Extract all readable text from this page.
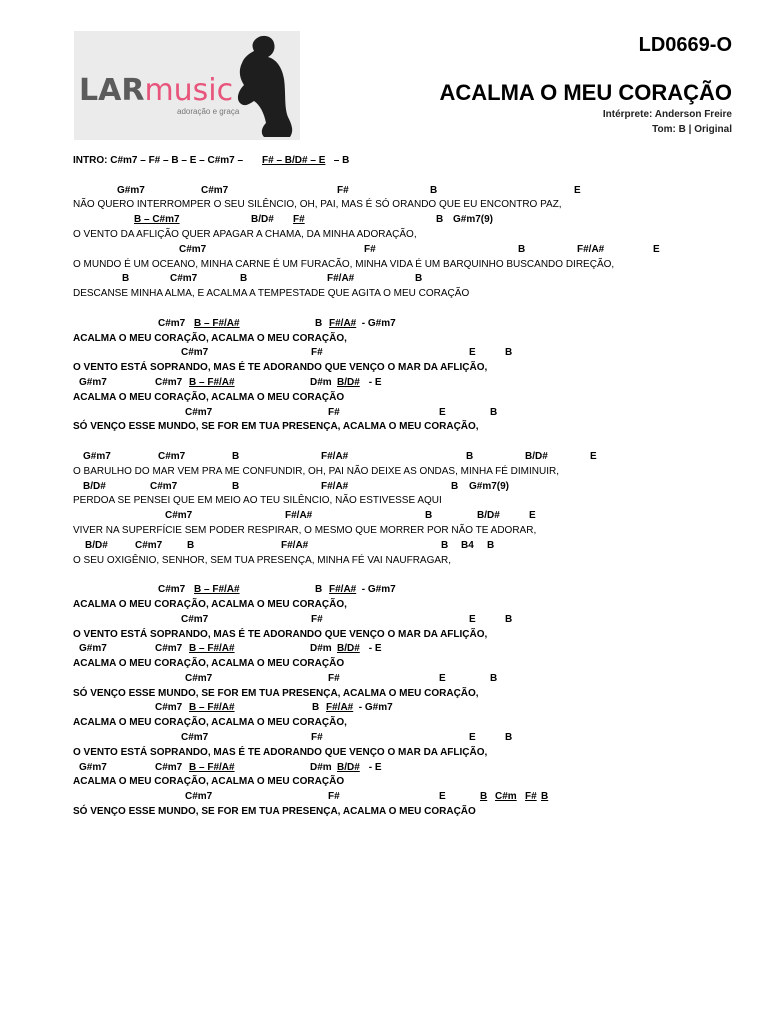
LARmusic
adoração e graça
LD0669-O
ACALMA O MEU CORAÇÃO
Intérprete: Anderson Freire
Tom: B | Original
INTRO: C#m7 – F# – B – E – C#m7 – F# – B/D# – E – B
G#m7	C#m7	F#	B	E
NÃO QUERO INTERROMPER O SEU SILÊNCIO, OH, PAI, MAS É SÓ ORANDO QUE EU ENCONTRO PAZ,
B – C#m7	B/D# F#	B G#m7(9)
O VENTO DA AFLIÇÃO QUER APAGAR A CHAMA, DA MINHA ADORAÇÃO,
C#m7	F#	B	F#/A#	E
O MUNDO É UM OCEANO, MINHA CARNE É UM FURACÃO, MINHA VIDA É UM BARQUINHO BUSCANDO DIREÇÃO,
B	C#m7	B	F#/A#	B
DESCANSE MINHA ALMA, E ACALMA A TEMPESTADE QUE AGITA O MEU CORAÇÃO
C#m7 B – F#/A#	B F#/A# - G#m7
ACALMA O MEU CORAÇÃO, ACALMA O MEU CORAÇÃO,
C#m7	F#	E	B
O VENTO ESTÁ SOPRANDO, MAS É TE ADORANDO QUE VENÇO O MAR DA AFLIÇÃO,
G#m7	C#m7 B – F#/A#	D#m B/D# - E
ACALMA O MEU CORAÇÃO, ACALMA O MEU CORAÇÃO
C#m7	F#	E	B
SÓ VENÇO ESSE MUNDO, SE FOR EM TUA PRESENÇA, ACALMA O MEU CORAÇÃO,
G#m7	C#m7	B	F#/A#	B	B/D#	E
O BARULHO DO MAR VEM PRA ME CONFUNDIR, OH, PAI NÃO DEIXE AS ONDAS, MINHA FÉ DIMINUIR,
B/D#	C#m7	B	F#/A#	B G#m7(9)
PERDOA SE PENSEI QUE EM MEIO AO TEU SILÊNCIO, NÃO ESTIVESSE AQUI
C#m7	F#/A#	B	B/D#	E
VIVER NA SUPERFÍCIE SEM PODER RESPIRAR, O MESMO QUE MORRER POR NÃO TE ADORAR,
B/D#	C#m7 B	F#/A#	B B4 B
O SEU OXIGÊNIO, SENHOR, SEM TUA PRESENÇA, MINHA FÉ VAI NAUFRAGAR,
C#m7 B – F#/A#	B F#/A# - G#m7
ACALMA O MEU CORAÇÃO, ACALMA O MEU CORAÇÃO,
C#m7	F#	E	B
O VENTO ESTÁ SOPRANDO, MAS É TE ADORANDO QUE VENÇO O MAR DA AFLIÇÃO,
G#m7	C#m7 B – F#/A#	D#m B/D# - E
ACALMA O MEU CORAÇÃO, ACALMA O MEU CORAÇÃO
C#m7	F#	E	B
SÓ VENÇO ESSE MUNDO, SE FOR EM TUA PRESENÇA, ACALMA O MEU CORAÇÃO,
C#m7 B – F#/A#	B F#/A# - G#m7
ACALMA O MEU CORAÇÃO, ACALMA O MEU CORAÇÃO,
C#m7	F#	E	B
O VENTO ESTÁ SOPRANDO, MAS É TE ADORANDO QUE VENÇO O MAR DA AFLIÇÃO,
G#m7	C#m7 B – F#/A#	D#m B/D# - E
ACALMA O MEU CORAÇÃO, ACALMA O MEU CORAÇÃO
C#m7	F#	E	B C#m F# B
SÓ VENÇO ESSE MUNDO, SE FOR EM TUA PRESENÇA, ACALMA O MEU CORAÇÃO
